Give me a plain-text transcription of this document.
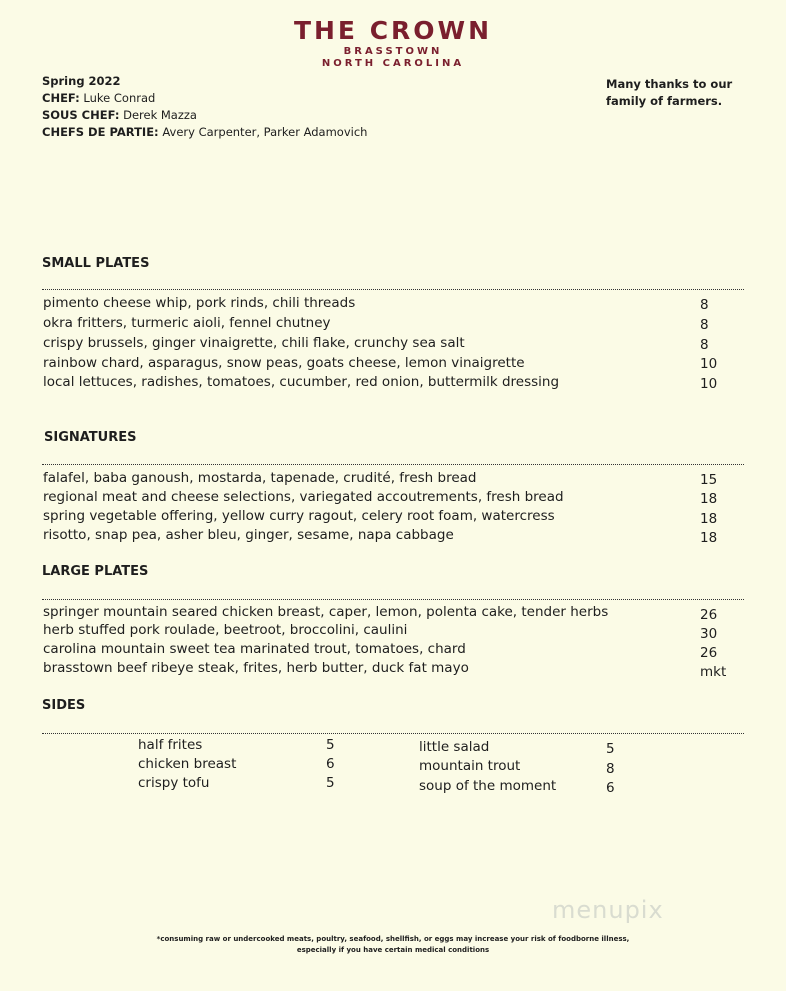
THE CROWN
BRASSTOWN
NORTH CAROLINA
Spring 2022
CHEF: Luke Conrad
SOUS CHEF: Derek Mazza
CHEFS DE PARTIE: Avery Carpenter, Parker Adamovich
Many thanks to our
family of farmers.
SMALL PLATES
pimento cheese whip, pork rinds, chili threads	8
okra fritters, turmeric aioli, fennel chutney	8
crispy brussels, ginger vinaigrette, chili flake, crunchy sea salt	8
rainbow chard, asparagus, snow peas, goats cheese, lemon vinaigrette	10
local lettuces, radishes, tomatoes, cucumber, red onion, buttermilk dressing	10
SIGNATURES
falafel, baba ganoush, mostarda, tapenade, crudité, fresh bread	15
regional meat and cheese selections, variegated accoutrements, fresh bread	18
spring vegetable offering, yellow curry ragout, celery root foam, watercress	18
risotto, snap pea, asher bleu, ginger, sesame, napa cabbage	18
LARGE PLATES
springer mountain seared chicken breast, caper, lemon, polenta cake, tender herbs	26
herb stuffed pork roulade, beetroot, broccolini, caulini	30
carolina mountain sweet tea marinated trout, tomatoes, chard	26
brasstown beef ribeye steak, frites, herb butter, duck fat mayo	mkt
SIDES
half frites	5
chicken breast	6
crispy tofu	5
little salad	5
mountain trout	8
soup of the moment	6
menupix
*consuming raw or undercooked meats, poultry, seafood, shellfish, or eggs may increase your risk of foodborne illness,
especially if you have certain medical conditions
